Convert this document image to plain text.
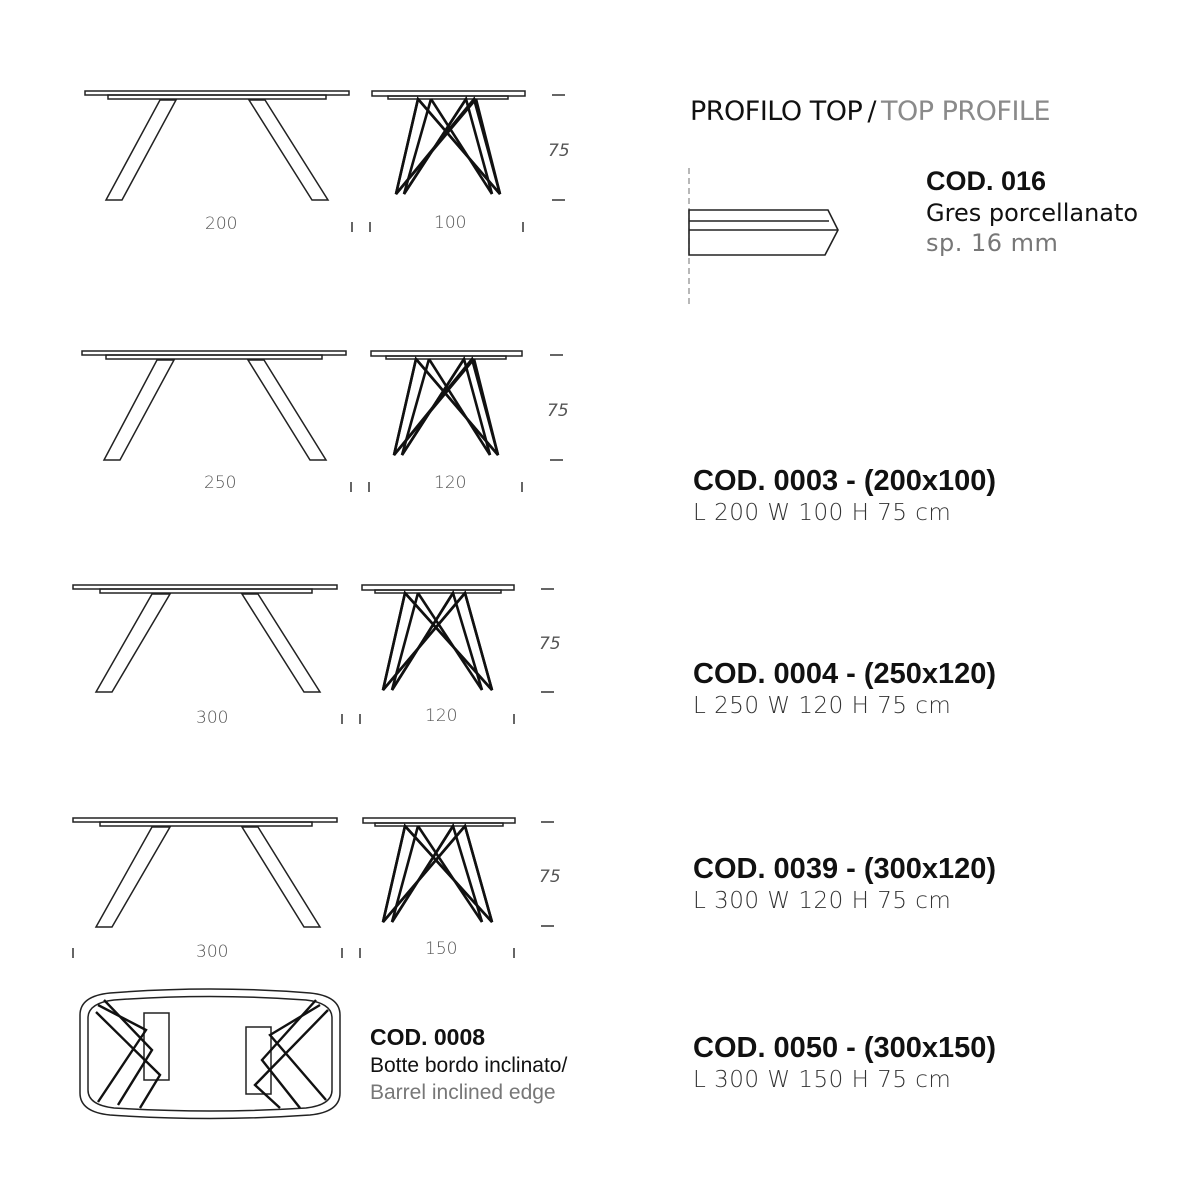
200	100
75
250	120
75
300	120
75
300	150
75
COD. 0008
Botte bordo inclinato/
Barrel inclined edge
PROFILO TOP / TOP PROFILE
COD. 016
Gres porcellanato
sp. 16 mm
COD. 0003 - (200x100)
L 200 W 100 H 75 cm
COD. 0004 - (250x120)
L 250 W 120 H 75 cm
COD. 0039 - (300x120)
L 300 W 120 H 75 cm
COD. 0050 - (300x150)
L 300 W 150 H 75 cm
